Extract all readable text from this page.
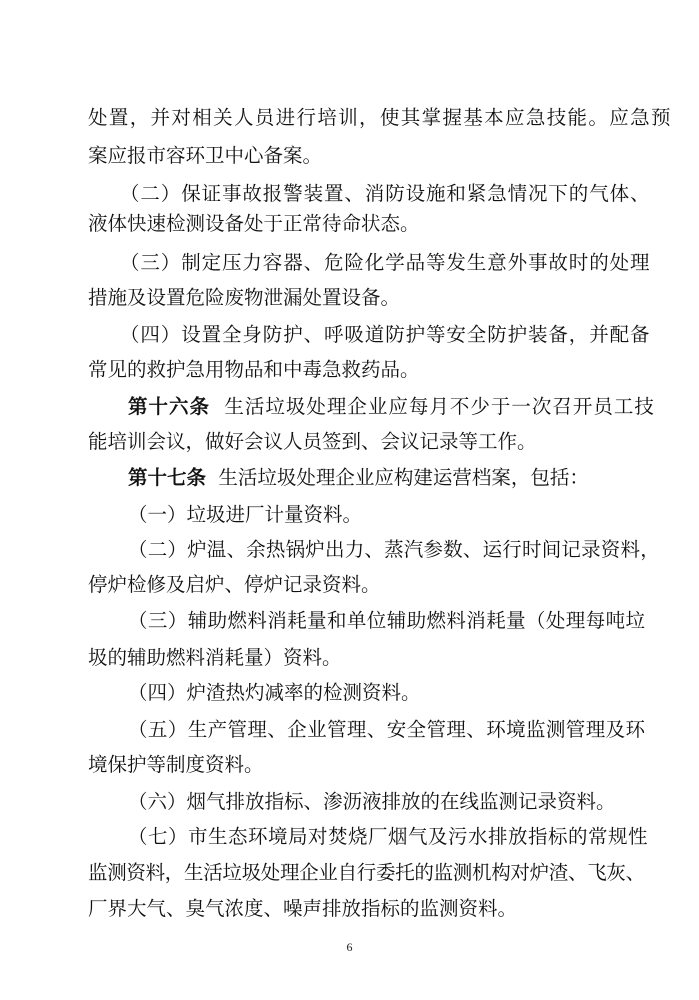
处置，并对相关人员进行培训，使其掌握基本应急技能。应急预
案应报市容环卫中心备案。
（二）保证事故报警装置、消防设施和紧急情况下的气体、
液体快速检测设备处于正常待命状态。
（三）制定压力容器、危险化学品等发生意外事故时的处理
措施及设置危险废物泄漏处置设备。
（四）设置全身防护、呼吸道防护等安全防护装备，并配备
常见的救护急用物品和中毒急救药品。
第十六条 生活垃圾处理企业应每月不少于一次召开员工技
能培训会议，做好会议人员签到、会议记录等工作。
第十七条 生活垃圾处理企业应构建运营档案，包括：
（一）垃圾进厂计量资料。
（二）炉温、余热锅炉出力、蒸汽参数、运行时间记录资料，
停炉检修及启炉、停炉记录资料。
（三）辅助燃料消耗量和单位辅助燃料消耗量（处理每吨垃
圾的辅助燃料消耗量）资料。
（四）炉渣热灼减率的检测资料。
（五）生产管理、企业管理、安全管理、环境监测管理及环
境保护等制度资料。
（六）烟气排放指标、渗沥液排放的在线监测记录资料。
（七）市生态环境局对焚烧厂烟气及污水排放指标的常规性
监测资料，生活垃圾处理企业自行委托的监测机构对炉渣、飞灰、
厂界大气、臭气浓度、噪声排放指标的监测资料。
6
